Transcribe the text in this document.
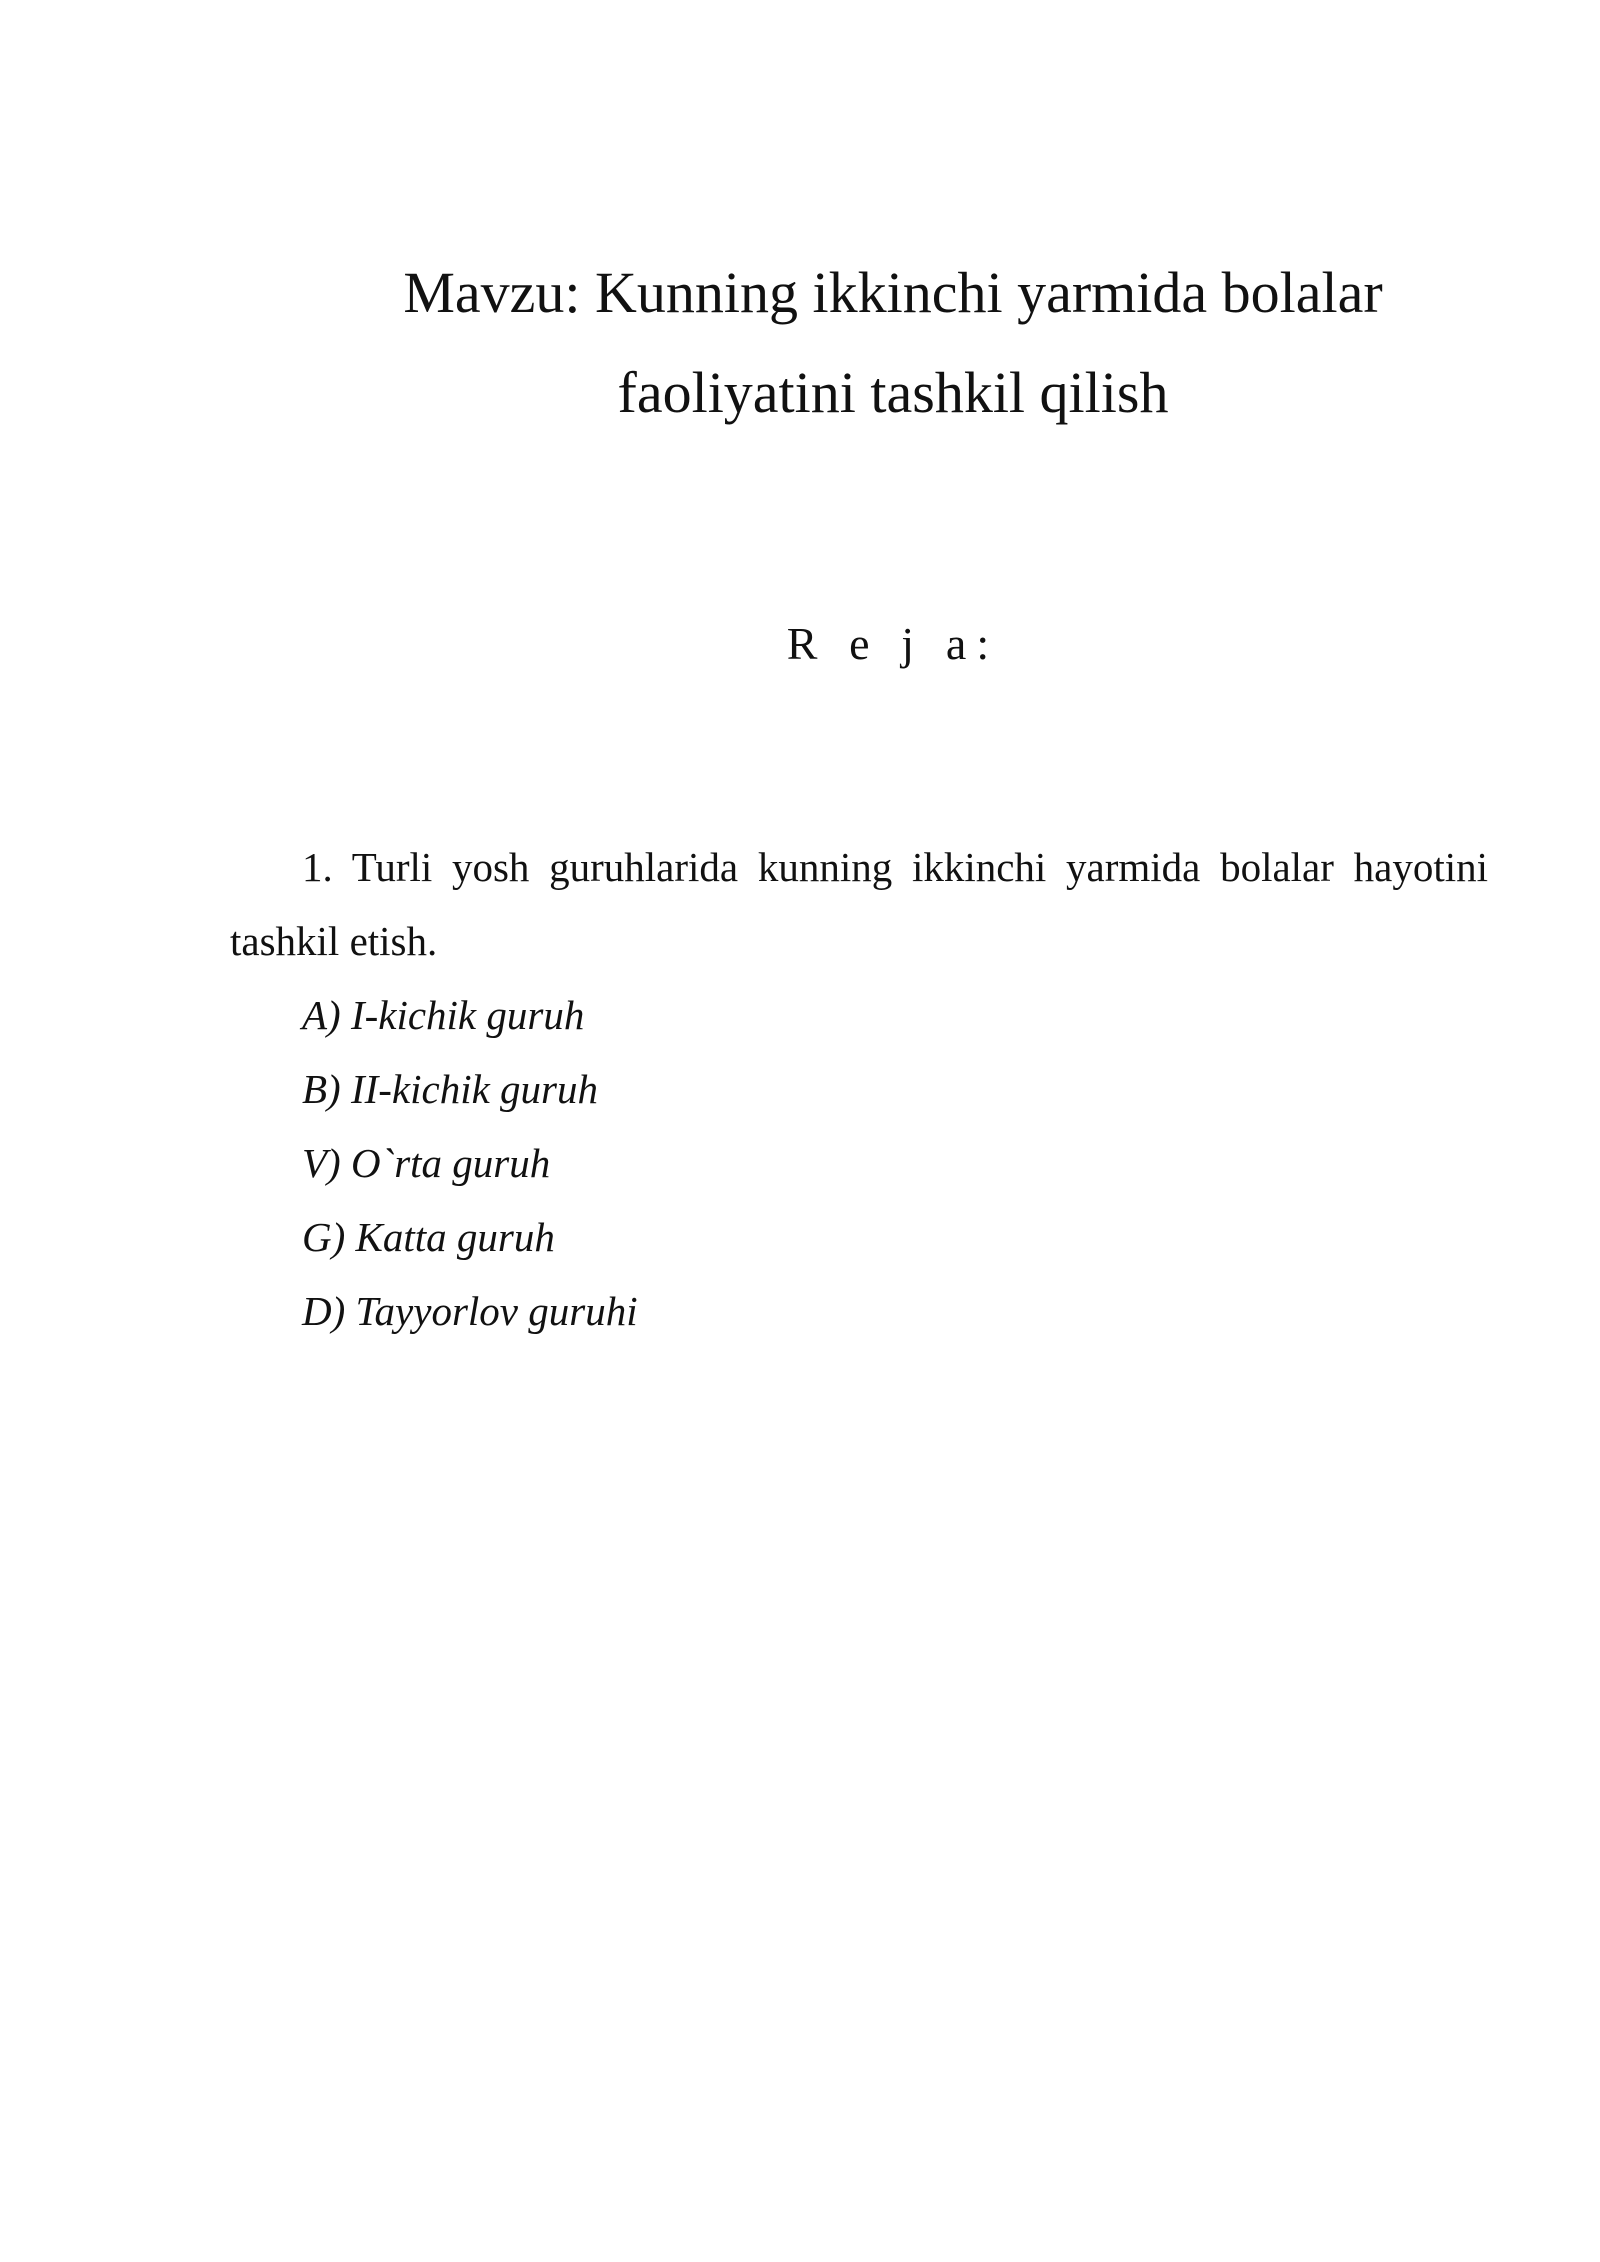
Mavzu: Kunning ikkinchi yarmida bolalar
faoliyatini tashkil qilish
R e j a:
1. Turli yosh guruhlarida kunning ikkinchi yarmida bolalar hayotini
tashkil etish.
A) I-kichik guruh
B) II-kichik guruh
V) O`rta guruh
G) Katta guruh
D) Tayyorlov guruhi
